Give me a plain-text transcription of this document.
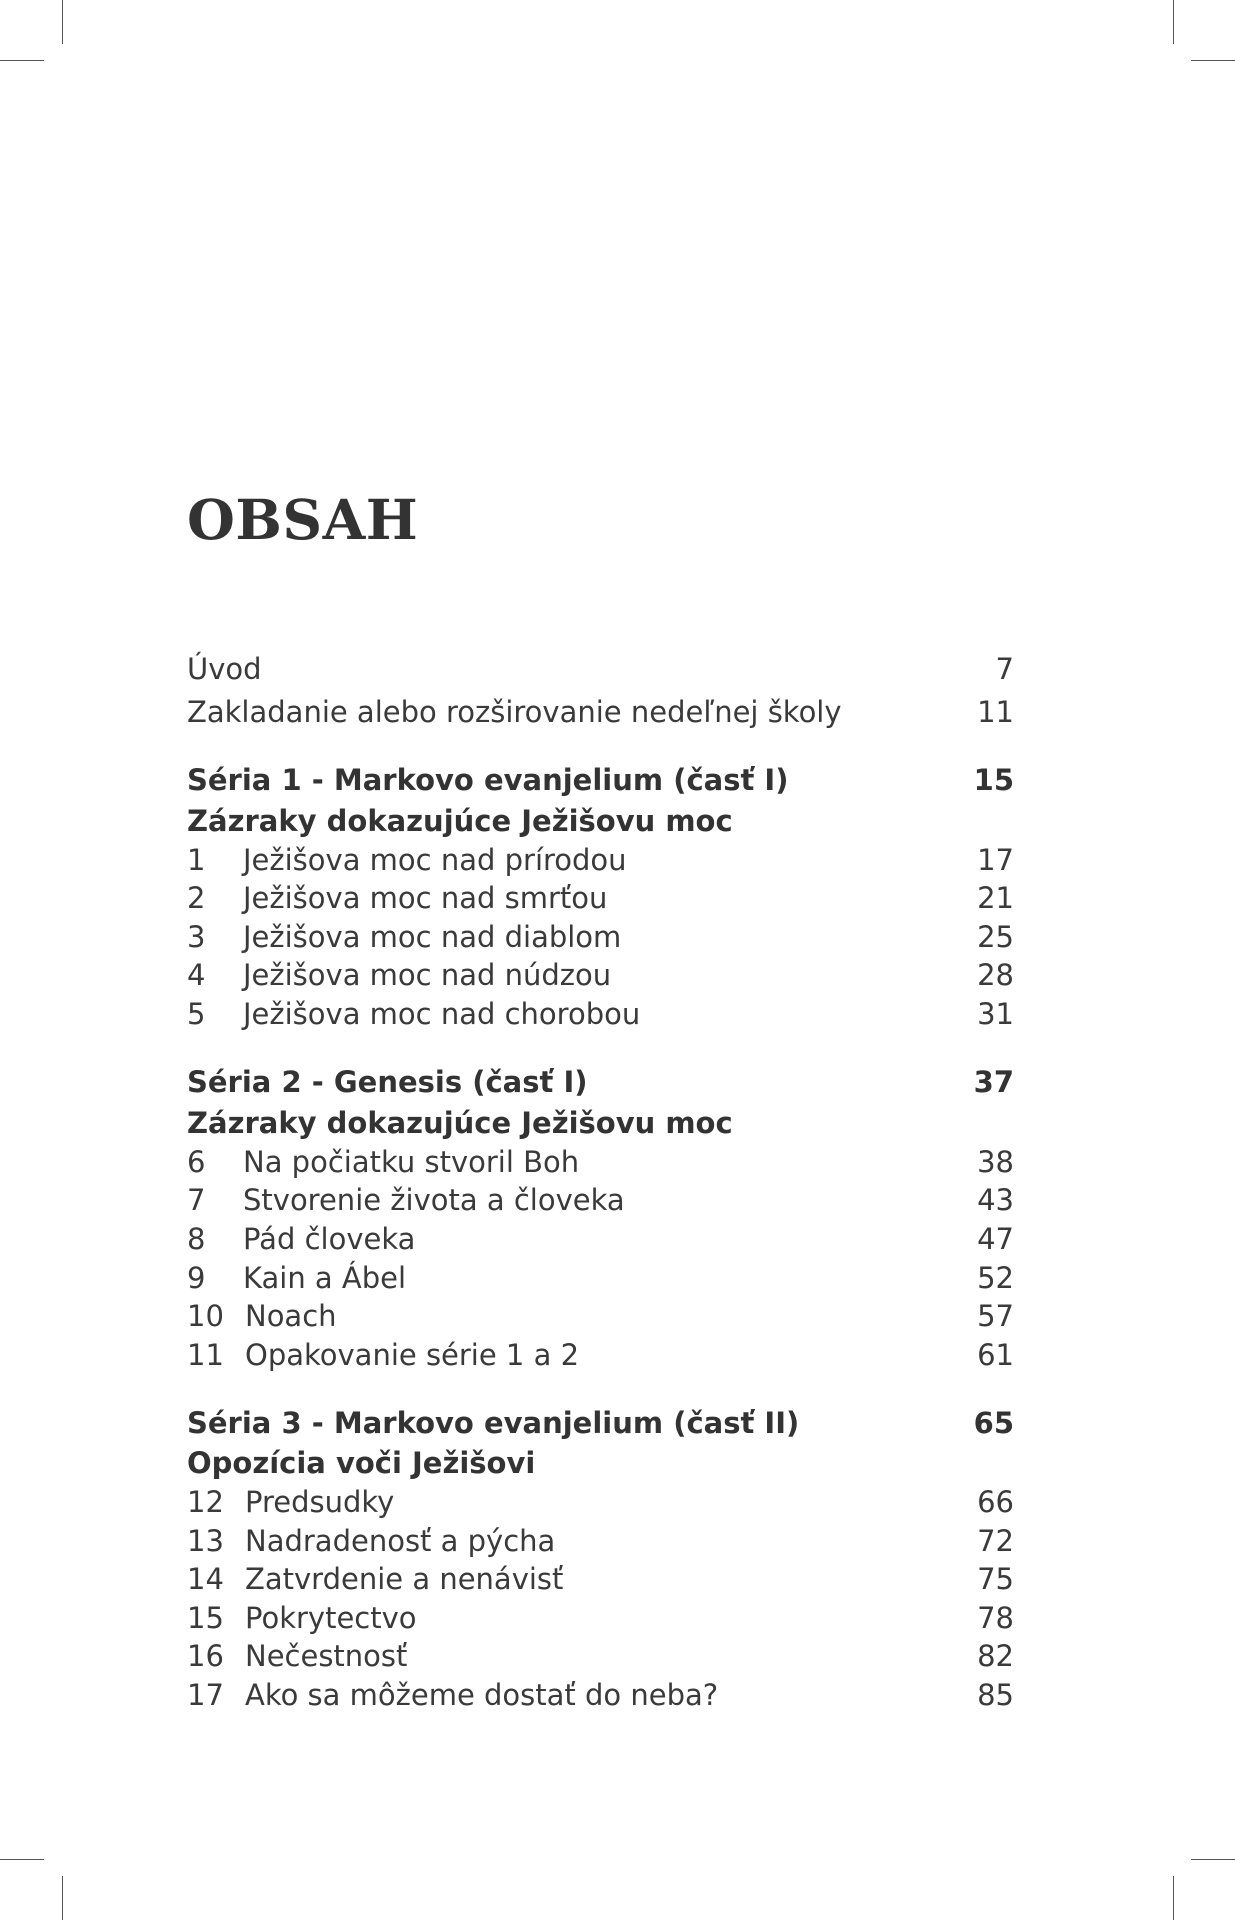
OBSAH
Úvod	7
Zakladanie alebo rozširovanie nedeľnej školy	11
Séria 1 - Markovo evanjelium (časť I)	15
Zázraky dokazujúce Ježišovu moc
1 Ježišova moc nad prírodou	17
2 Ježišova moc nad smrťou	21
3 Ježišova moc nad diablom	25
4 Ježišova moc nad núdzou	28
5 Ježišova moc nad chorobou	31
Séria 2 - Genesis (časť I)	37
Zázraky dokazujúce Ježišovu moc
6 Na počiatku stvoril Boh	38
7 Stvorenie života a človeka	43
8 Pád človeka	47
9 Kain a Ábel	52
10 Noach	57
11 Opakovanie série 1 a 2	61
Séria 3 - Markovo evanjelium (časť II)	65
Opozícia voči Ježišovi
12 Predsudky	66
13 Nadradenosť a pýcha	72
14 Zatvrdenie a nenávisť	75
15 Pokrytectvo	78
16 Nečestnosť	82
17 Ako sa môžeme dostať do neba?	85
